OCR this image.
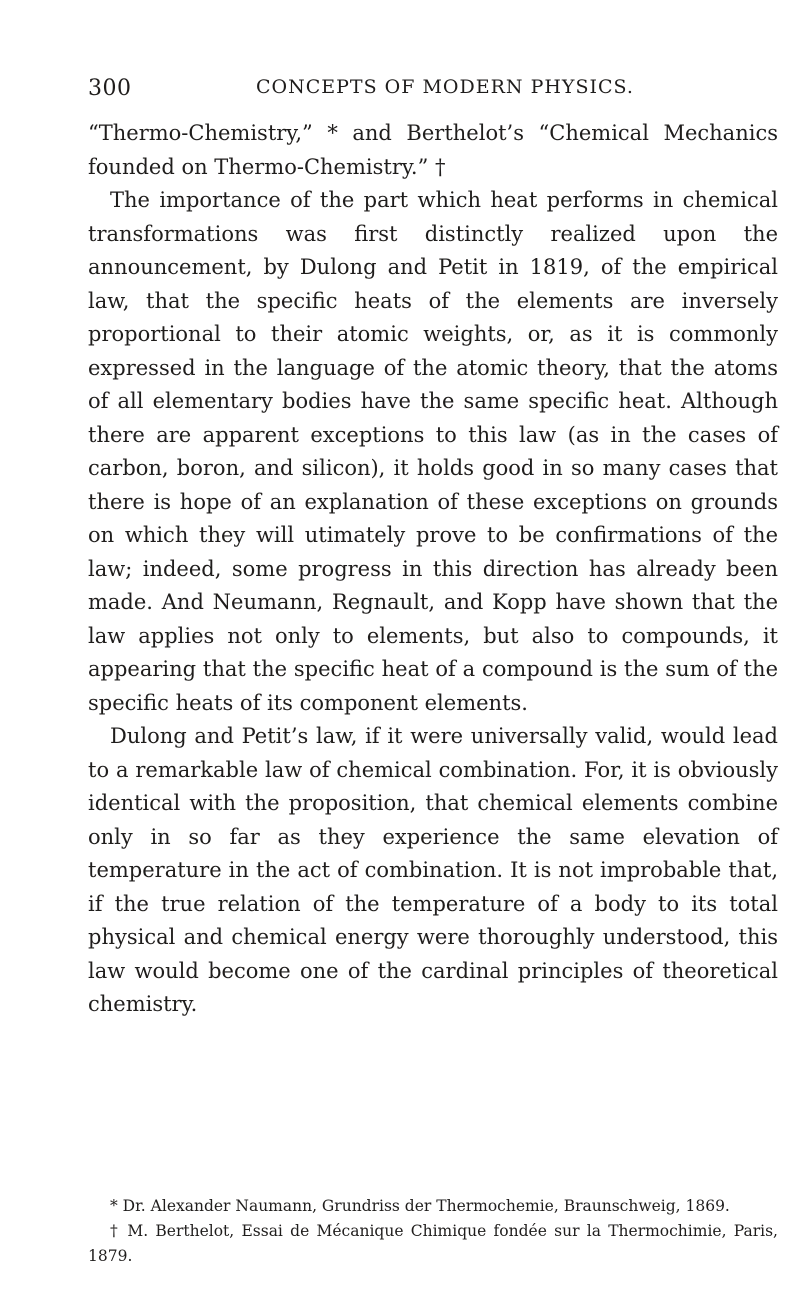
300	CONCEPTS OF MODERN PHYSICS.

“Thermo-Chemistry,” * and Berthelot’s “Chemical Mechanics founded on Thermo-Chemistry.” †

The importance of the part which heat performs in chemical transformations was first distinctly realized upon the announcement, by Dulong and Petit in 1819, of the empirical law, that the specific heats of the elements are inversely proportional to their atomic weights, or, as it is commonly expressed in the language of the atomic theory, that the atoms of all elementary bodies have the same specific heat. Although there are apparent exceptions to this law (as in the cases of carbon, boron, and silicon), it holds good in so many cases that there is hope of an explanation of these exceptions on grounds on which they will utimately prove to be confirmations of the law; indeed, some progress in this direction has already been made. And Neumann, Regnault, and Kopp have shown that the law applies not only to elements, but also to compounds, it appearing that the specific heat of a compound is the sum of the specific heats of its component elements.

Dulong and Petit’s law, if it were universally valid, would lead to a remarkable law of chemical combination. For, it is obviously identical with the proposition, that chemical elements combine only in so far as they experience the same elevation of temperature in the act of combination. It is not improbable that, if the true relation of the temperature of a body to its total physical and chemical energy were thoroughly understood, this law would become one of the cardinal principles of theoretical chemistry.

* Dr. Alexander Naumann, Grundriss der Thermochemie, Braunschweig, 1869.

† M. Berthelot, Essai de Mécanique Chimique fondée sur la Thermochimie, Paris, 1879.
